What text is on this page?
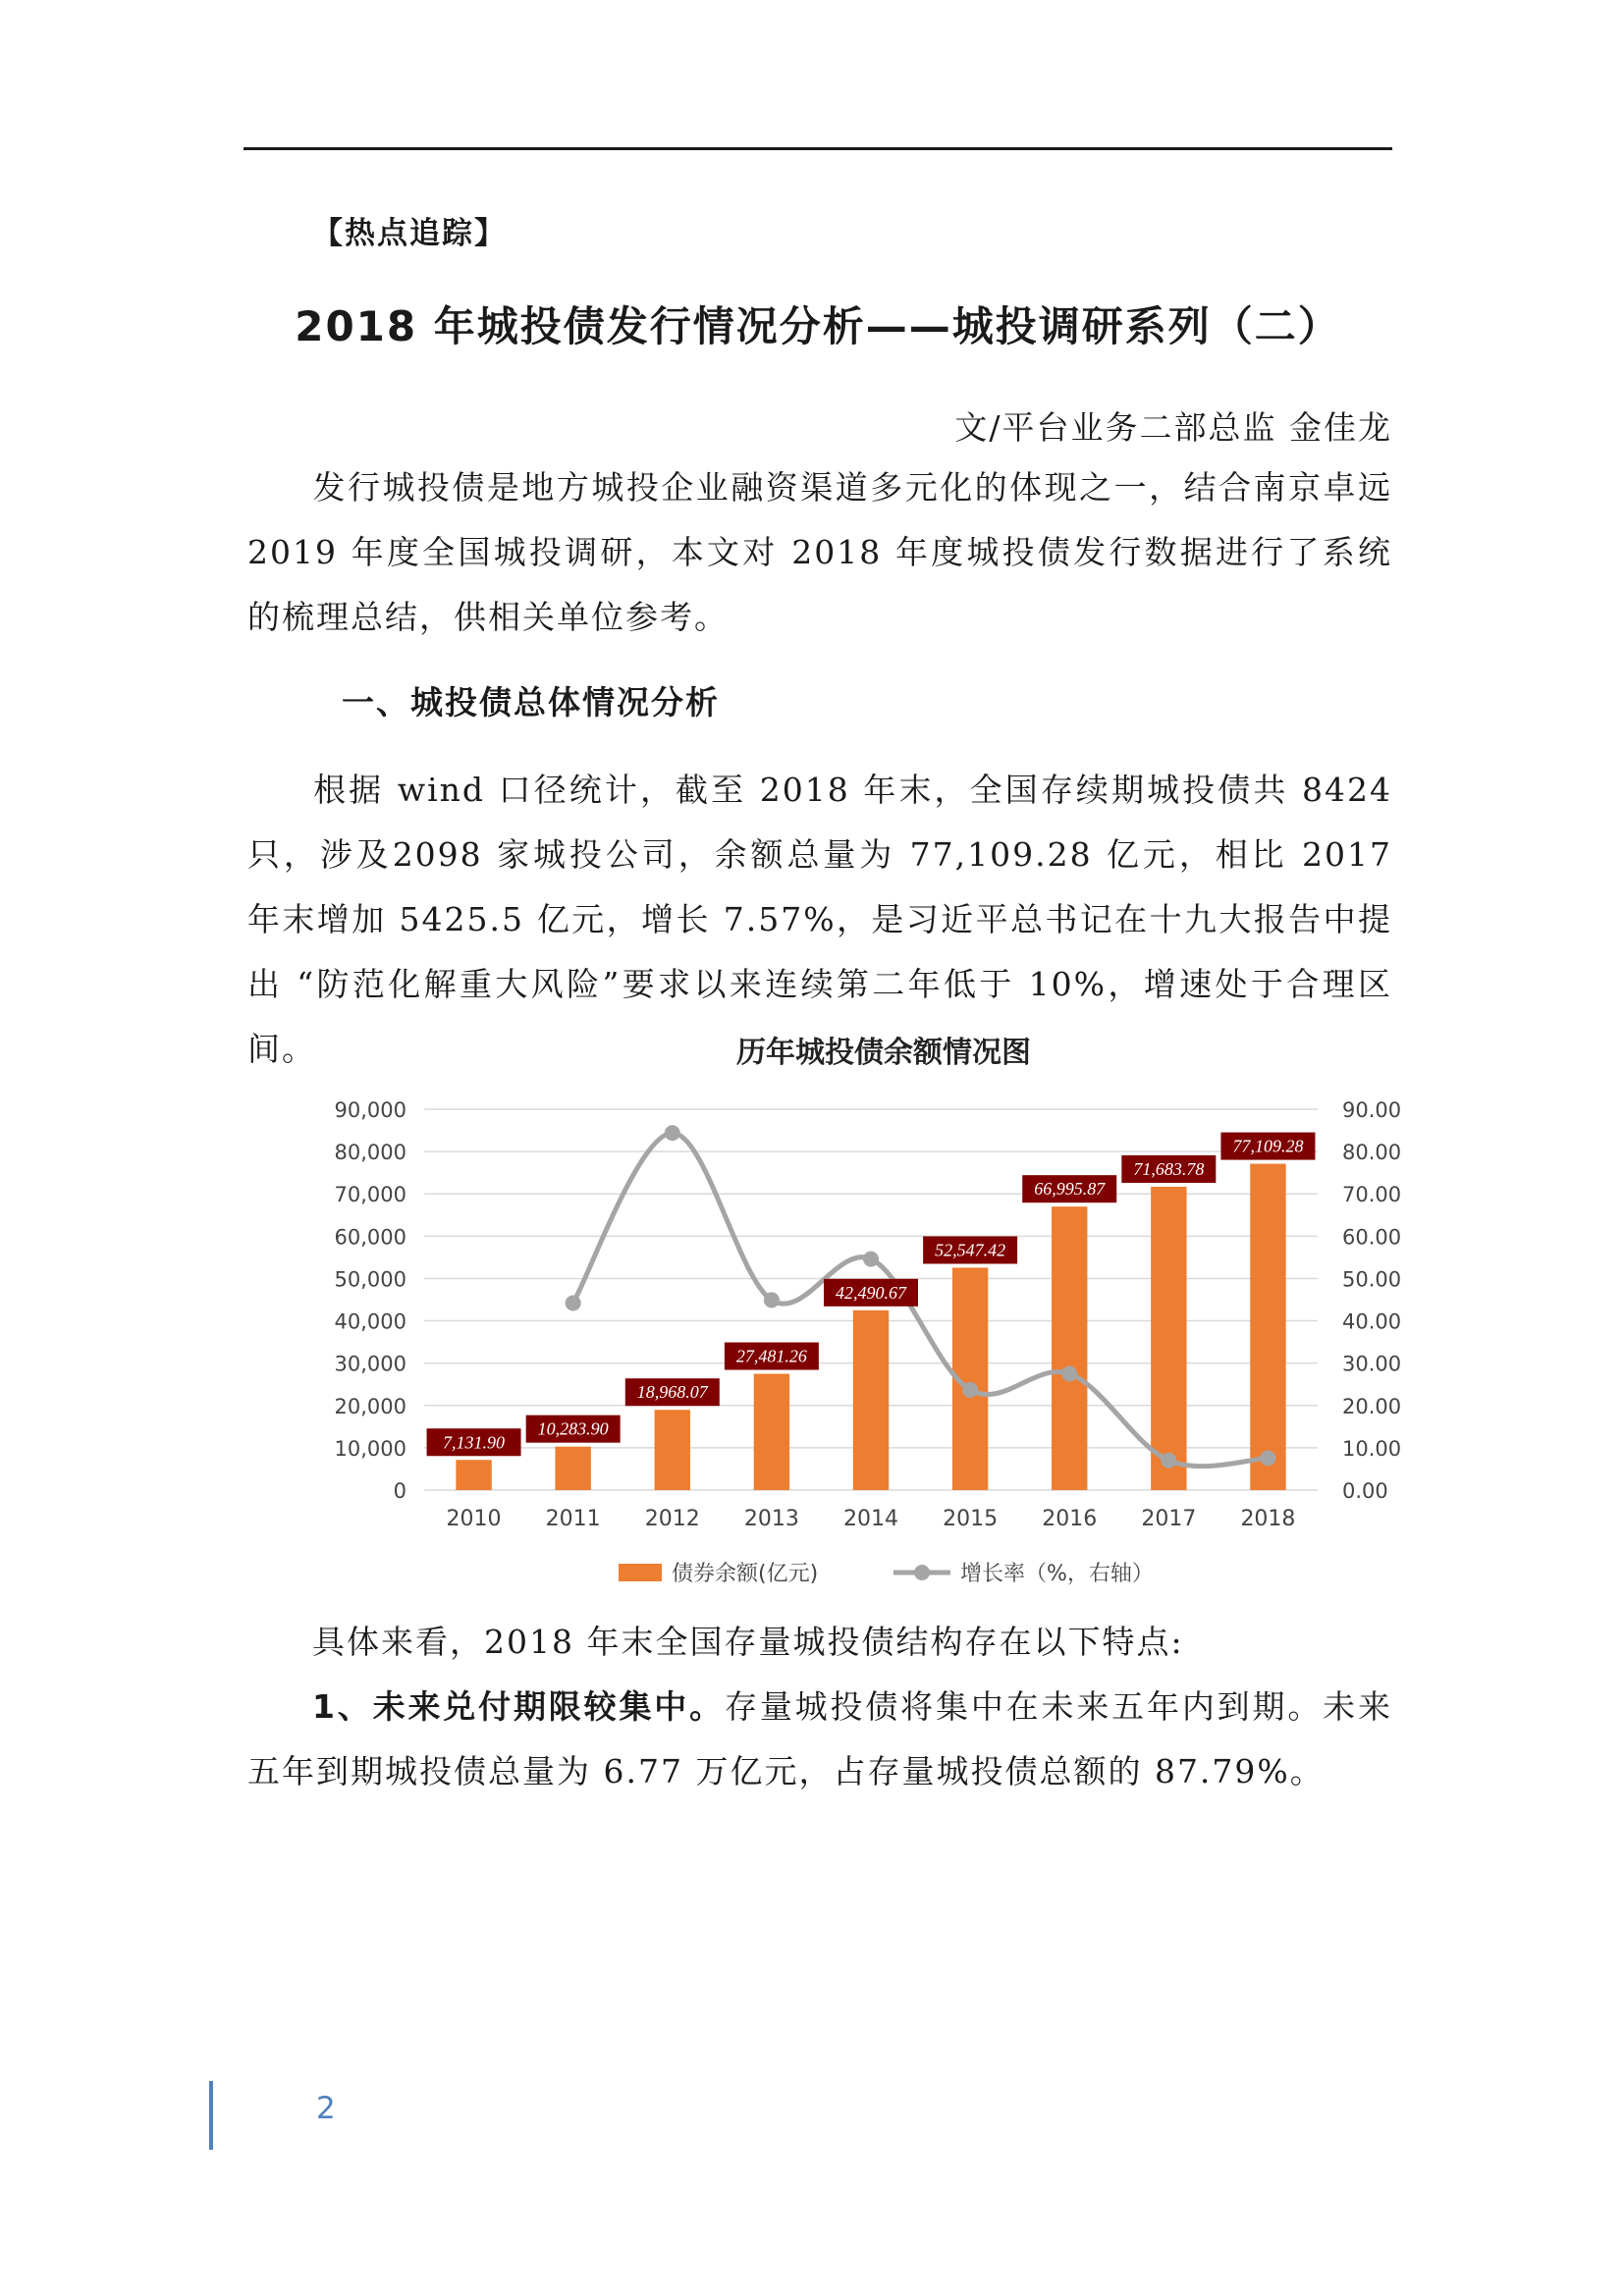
【热点追踪】
2018 年城投债发行情况分析——城投调研系列（二）
文/平台业务二部总监 金佳龙

发行城投债是地方城投企业融资渠道多元化的体现之一，结合南京卓远2019 年度全国城投调研，本文对 2018 年度城投债发行数据进行了系统的梳理总结，供相关单位参考。

一、城投债总体情况分析

根据 wind 口径统计，截至 2018 年末，全国存续期城投债共 8424 只，涉及2098 家城投公司，余额总量为 77,109.28 亿元，相比 2017 年末增加 5425.5 亿元，增长 7.57%，是习近平总书记在十九大报告中提出 “防范化解重大风险”要求以来连续第二年低于 10%，增速处于合理区间。	历年城投债余额情况图
0	0.00
10,000	10.00
20,000	20.00
30,000	30.00
40,000	40.00
50,000	50.00
60,000	60.00
70,000	70.00
80,000	80.00
90,000	90.00
2010 2011 2012 2013 2014 2015 2016 2017 2018
7,131.90
10,283.90
18,968.07
27,481.26
42,490.67
52,547.42
66,995.87
71,683.78
77,109.28
债券余额(亿元)	增长率（%，右轴）

具体来看，2018 年末全国存量城投债结构存在以下特点:

1、未来兑付期限较集中。存量城投债将集中在未来五年内到期。未来五年到期城投债总量为 6.77 万亿元，占存量城投债总额的 87.79%。

2
